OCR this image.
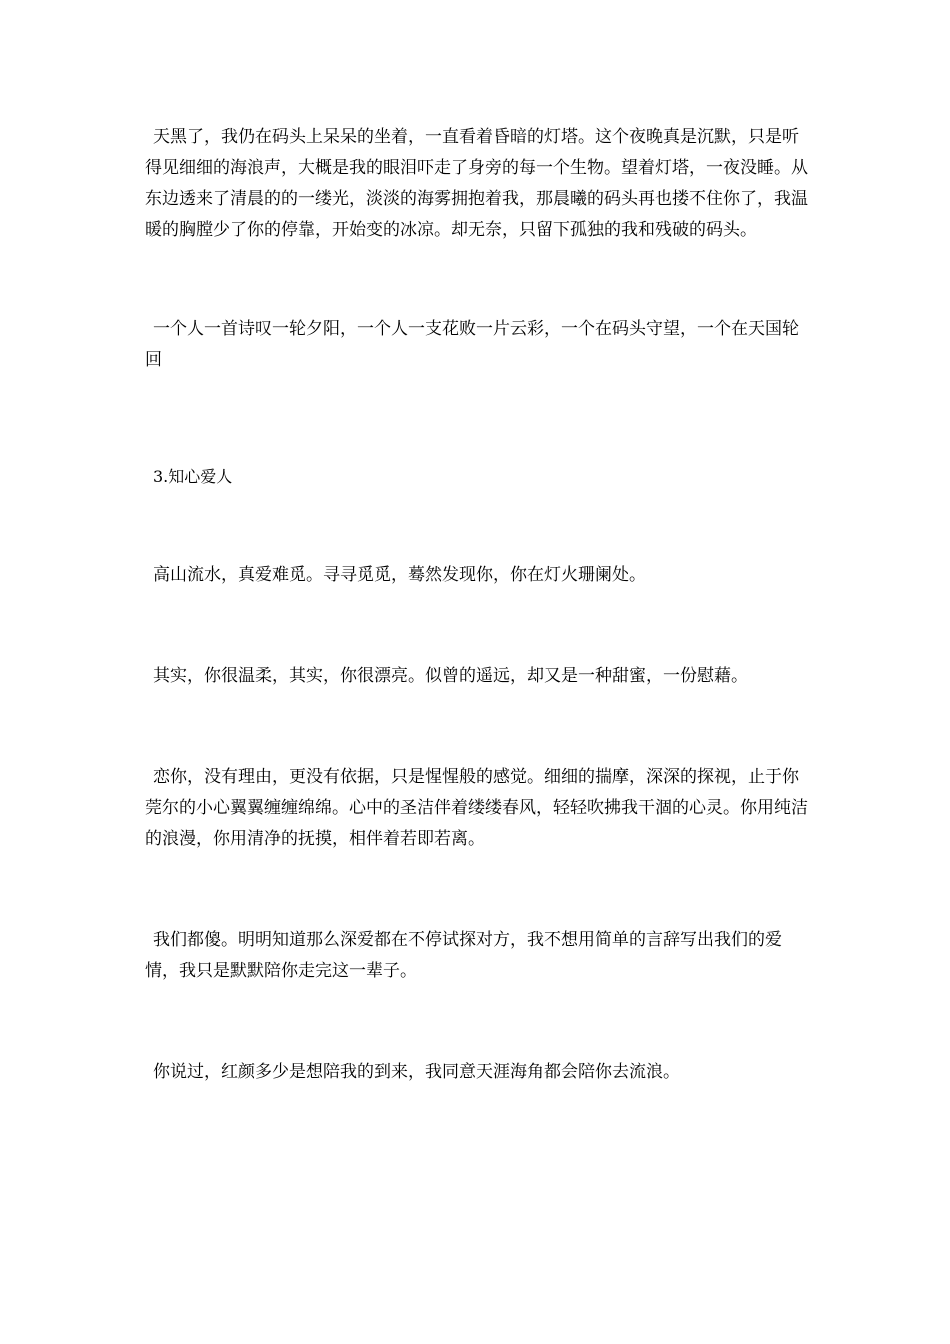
天黑了，我仍在码头上呆呆的坐着，一直看着昏暗的灯塔。这个夜晚真是沉默，只是听得见细细的海浪声，大概是我的眼泪吓走了身旁的每一个生物。望着灯塔，一夜没睡。从东边透来了清晨的的一缕光，淡淡的海雾拥抱着我，那晨曦的码头再也搂不住你了，我温暖的胸膛少了你的停靠，开始变的冰凉。却无奈，只留下孤独的我和残破的码头。

一个人一首诗叹一轮夕阳，一个人一支花败一片云彩，一个在码头守望，一个在天国轮回

3.知心爱人

高山流水，真爱难觅。寻寻觅觅，蓦然发现你，你在灯火珊阑处。

其实，你很温柔，其实，你很漂亮。似曾的遥远，却又是一种甜蜜，一份慰藉。

恋你，没有理由，更没有依据，只是惺惺般的感觉。细细的揣摩，深深的探视，止于你莞尔的小心翼翼缠缠绵绵。心中的圣洁伴着缕缕春风，轻轻吹拂我干涸的心灵。你用纯洁的浪漫，你用清净的抚摸，相伴着若即若离。

我们都傻。明明知道那么深爱都在不停试探对方，我不想用简单的言辞写出我们的爱情，我只是默默陪你走完这一辈子。

你说过，红颜多少是想陪我的到来，我同意天涯海角都会陪你去流浪。
